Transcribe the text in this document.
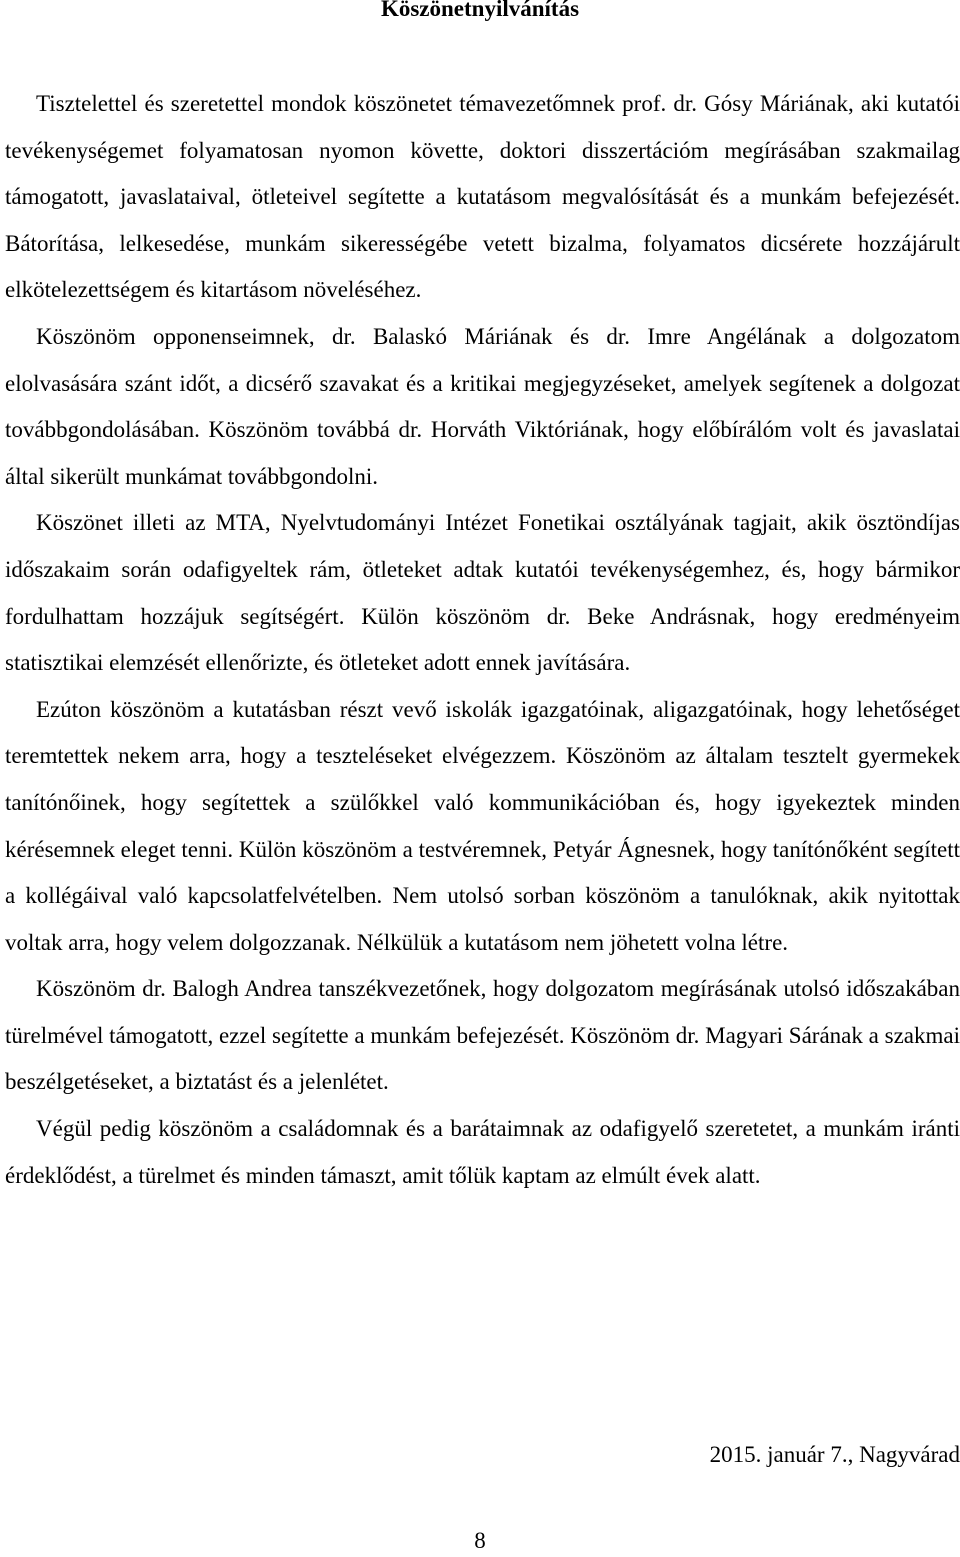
Köszönetnyilvánítás

Tisztelettel és szeretettel mondok köszönetet témavezetőmnek prof. dr. Gósy Máriának, aki kutatói tevékenységemet folyamatosan nyomon követte, doktori disszertációm megírásában szakmailag támogatott, javaslataival, ötleteivel segítette a kutatásom megvalósítását és a munkám befejezését. Bátorítása, lelkesedése, munkám sikerességébe vetett bizalma, folyamatos dicsérete hozzájárult elkötelezettségem és kitartásom növeléséhez.

Köszönöm opponenseimnek, dr. Balaskó Máriának és dr. Imre Angélának a dolgozatom elolvasására szánt időt, a dicsérő szavakat és a kritikai megjegyzéseket, amelyek segítenek a dolgozat továbbgondolásában. Köszönöm továbbá dr. Horváth Viktóriának, hogy előbírálóm volt és javaslatai által sikerült munkámat továbbgondolni.

Köszönet illeti az MTA, Nyelvtudományi Intézet Fonetikai osztályának tagjait, akik ösztöndíjas időszakaim során odafigyeltek rám, ötleteket adtak kutatói tevékenységemhez, és, hogy bármikor fordulhattam hozzájuk segítségért. Külön köszönöm dr. Beke Andrásnak, hogy eredményeim statisztikai elemzését ellenőrizte, és ötleteket adott ennek javítására.

Ezúton köszönöm a kutatásban részt vevő iskolák igazgatóinak, aligazgatóinak, hogy lehetőséget teremtettek nekem arra, hogy a teszteléseket elvégezzem. Köszönöm az általam tesztelt gyermekek tanítónőinek, hogy segítettek a szülőkkel való kommunikációban és, hogy igyekeztek minden kérésemnek eleget tenni. Külön köszönöm a testvéremnek, Petyár Ágnesnek, hogy tanítónőként segített a kollégáival való kapcsolatfelvételben. Nem utolsó sorban köszönöm a tanulóknak, akik nyitottak voltak arra, hogy velem dolgozzanak. Nélkülük a kutatásom nem jöhetett volna létre.

Köszönöm dr. Balogh Andrea tanszékvezetőnek, hogy dolgozatom megírásának utolsó időszakában türelmével támogatott, ezzel segítette a munkám befejezését. Köszönöm dr. Magyari Sárának a szakmai beszélgetéseket, a biztatást és a jelenlétet.

Végül pedig köszönöm a családomnak és a barátaimnak az odafigyelő szeretetet, a munkám iránti érdeklődést, a türelmet és minden támaszt, amit tőlük kaptam az elmúlt évek alatt.

2015. január 7., Nagyvárad

8
